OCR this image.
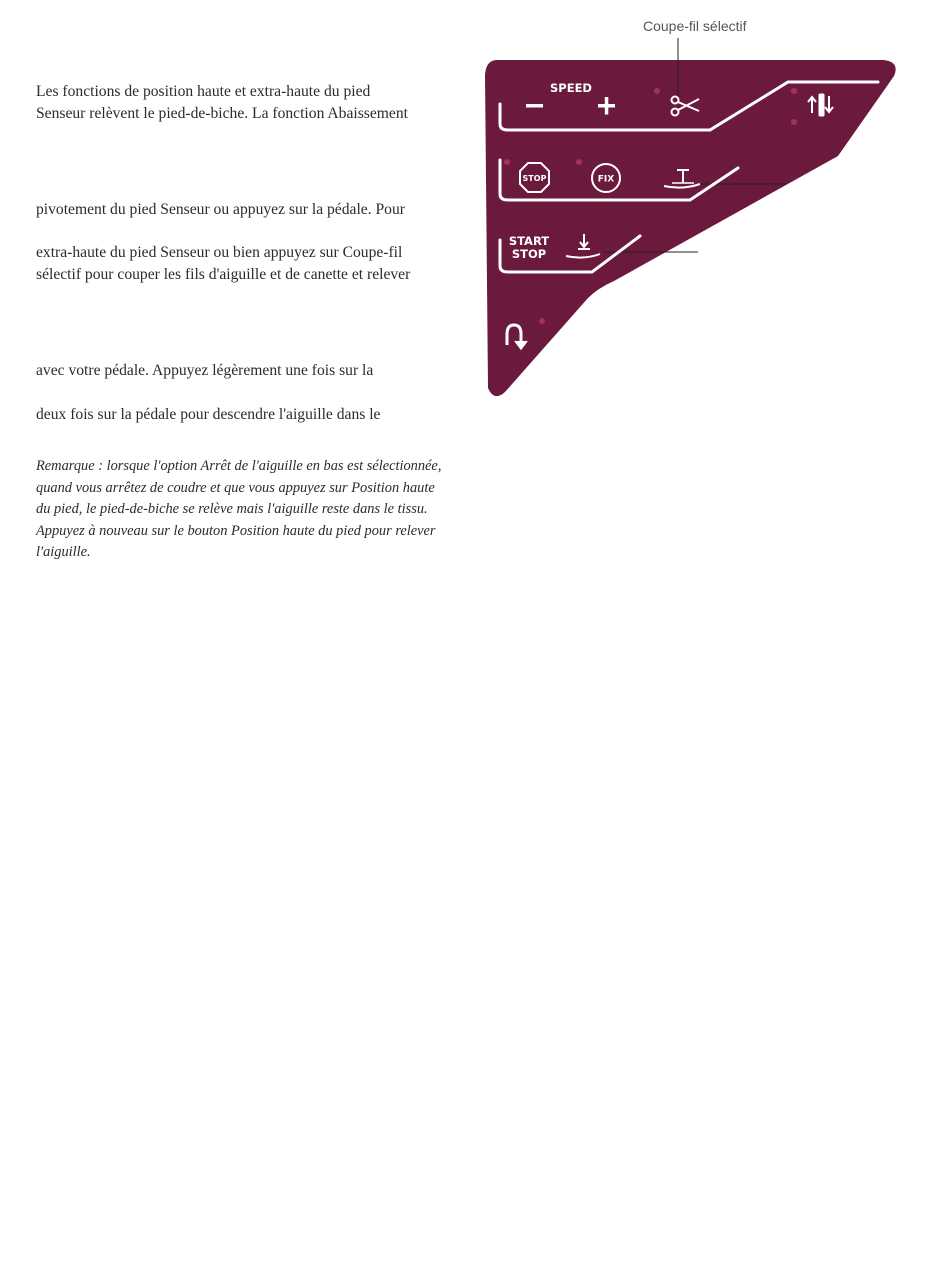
Les fonctions de position haute et extra-haute du pied
Senseur relèvent le pied-de-biche. La fonction Abaissement

pivotement du pied Senseur ou appuyez sur la pédale. Pour

extra-haute du pied Senseur ou bien appuyez sur Coupe-fil
sélectif pour couper les fils d'aiguille et de canette et relever

avec votre pédale. Appuyez légèrement une fois sur la

deux fois sur la pédale pour descendre l'aiguille dans le

Remarque : lorsque l'option Arrêt de l'aiguille en bas est sélectionnée,
quand vous arrêtez de coudre et que vous appuyez sur Position haute
du pied, le pied-de-biche se relève mais l'aiguille reste dans le tissu.
Appuyez à nouveau sur le bouton Position haute du pied pour relever
l'aiguille.
Coupe-fil sélectif
SPEED
STOP	FIX
START
STOP
